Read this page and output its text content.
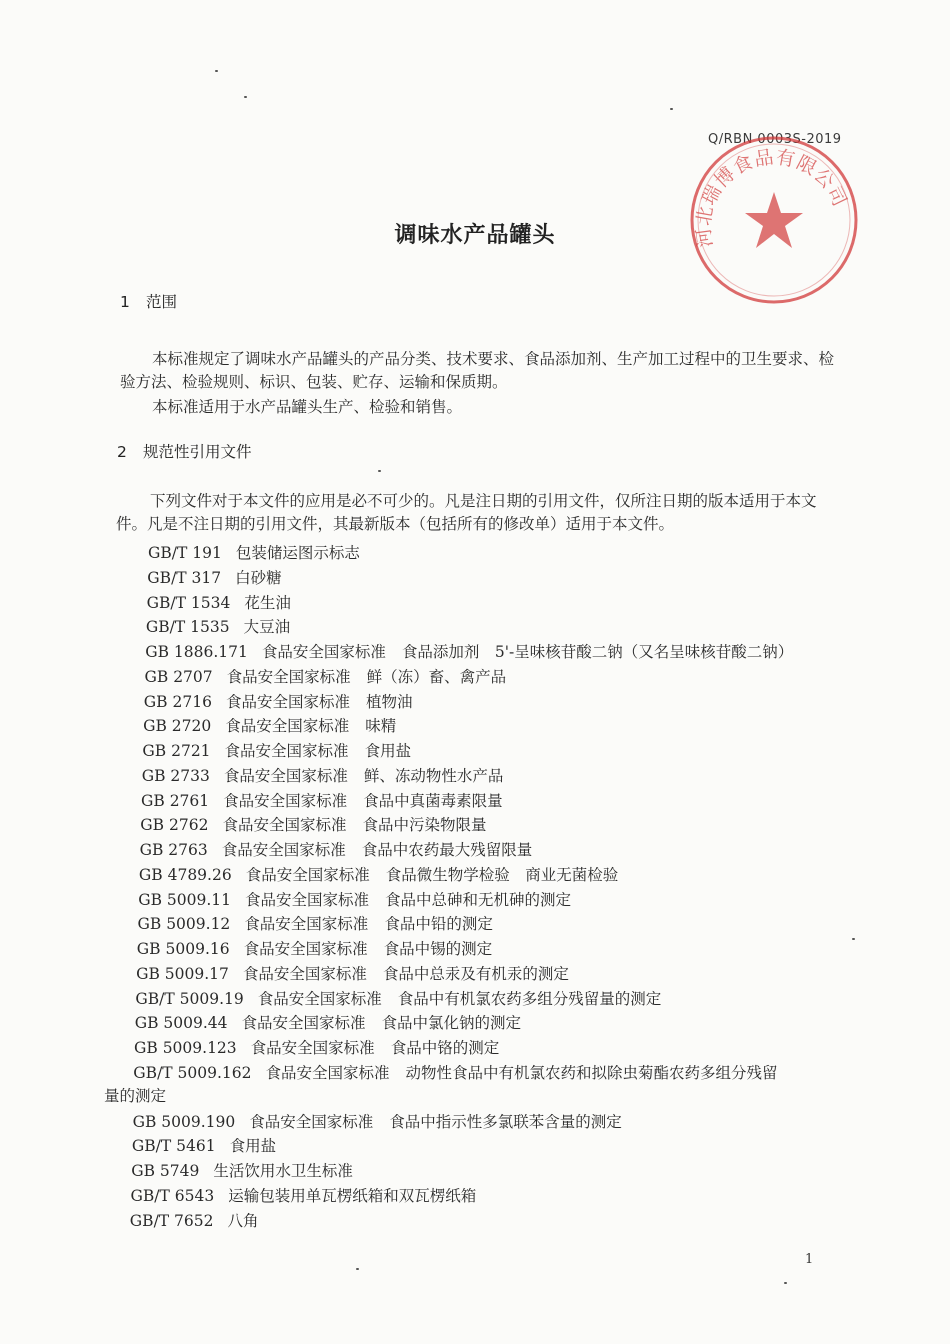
Q/RBN 0003S-2019
河北瑞博食品有限公司
调味水产品罐头
1 范围
本标准规定了调味水产品罐头的产品分类、技术要求、食品添加剂、生产加工过程中的卫生要求、检验方法、检验规则、标识、包装、贮存、运输和保质期。
本标准适用于水产品罐头生产、检验和销售。
2 规范性引用文件
下列文件对于本文件的应用是必不可少的。凡是注日期的引用文件，仅所注日期的版本适用于本文件。凡是不注日期的引用文件，其最新版本（包括所有的修改单）适用于本文件。
GB/T 191 包装储运图示标志
GB/T 317 白砂糖
GB/T 1534 花生油
GB/T 1535 大豆油
GB 1886.171 食品安全国家标准 食品添加剂　5'-呈味核苷酸二钠（又名呈味核苷酸二钠）
GB 2707 食品安全国家标准 鲜（冻）畜、禽产品
GB 2716 食品安全国家标准 植物油
GB 2720 食品安全国家标准 味精
GB 2721 食品安全国家标准 食用盐
GB 2733 食品安全国家标准 鲜、冻动物性水产品
GB 2761 食品安全国家标准 食品中真菌毒素限量
GB 2762 食品安全国家标准 食品中污染物限量
GB 2763 食品安全国家标准 食品中农药最大残留限量
GB 4789.26 食品安全国家标准 食品微生物学检验　商业无菌检验
GB 5009.11 食品安全国家标准 食品中总砷和无机砷的测定
GB 5009.12 食品安全国家标准 食品中铅的测定
GB 5009.16 食品安全国家标准 食品中锡的测定
GB 5009.17 食品安全国家标准 食品中总汞及有机汞的测定
GB/T 5009.19 食品安全国家标准 食品中有机氯农药多组分残留量的测定
GB 5009.44 食品安全国家标准 食品中氯化钠的测定
GB 5009.123 食品安全国家标准 食品中铬的测定
GB/T 5009.162 食品安全国家标准 动物性食品中有机氯农药和拟除虫菊酯农药多组分残留
GB 5009.190 食品安全国家标准 食品中指示性多氯联苯含量的测定
GB/T 5461 食用盐
GB 5749 生活饮用水卫生标准
GB/T 6543 运输包装用单瓦楞纸箱和双瓦楞纸箱
GB/T 7652 八角
量的测定
1
